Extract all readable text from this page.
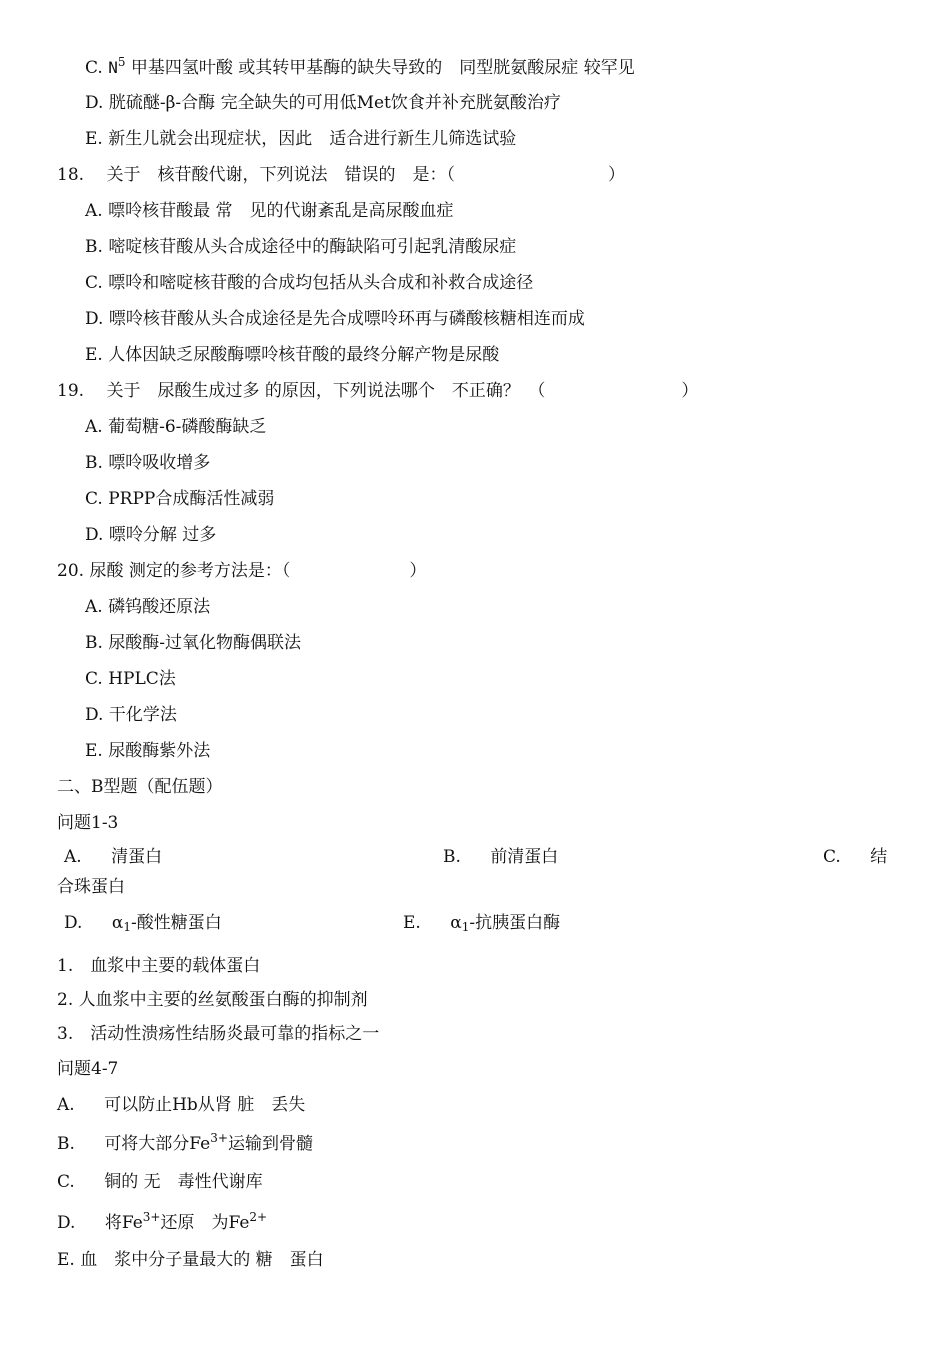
C. $N^5$ 甲基四氢叶酸 或其转甲基酶的缺失导致的　同型胱氨酸尿症 较罕见
D. 胱硫醚-β-合酶 完全缺失的可用低Met饮食并补充胱氨酸治疗
E. 新生儿就会出现症状，因此　适合进行新生儿筛选试验
18.　 关于　核苷酸代谢，下列说法　错误的　是：（　　　　　　　　　）
A. 嘌呤核苷酸最 常　见的代谢紊乱是高尿酸血症
B. 嘧啶核苷酸从头合成途径中的酶缺陷可引起乳清酸尿症
C. 嘌呤和嘧啶核苷酸的合成均包括从头合成和补救合成途径
D. 嘌呤核苷酸从头合成途径是先合成嘌呤环再与磷酸核糖相连而成
E. 人体因缺乏尿酸酶嘌呤核苷酸的最终分解产物是尿酸
19.　 关于　尿酸生成过多 的原因，下列说法哪个　不正确？　（　　　　　　　　）
A. 葡萄糖-6-磷酸酶缺乏
B. 嘌呤吸收增多
C. PRPP合成酶活性减弱
D. 嘌呤分解 过多
20. 尿酸 测定的参考方法是：（　　　　　　　）
A. 磷钨酸还原法
B. 尿酸酶-过氧化物酶偶联法
C. HPLC法
D. 干化学法
E. 尿酸酶紫外法
二、B型题（配伍题）
问题1-3
A. 清蛋白	B. 前清蛋白	C. 结
合珠蛋白
D. $\alpha_1-$酸性糖蛋白	E. $\alpha_1-$抗胰蛋白酶
1.　血浆中主要的载体蛋白
2. 人血浆中主要的丝氨酸蛋白酶的抑制剂
3.　活动性溃疡性结肠炎最可靠的指标之一
问题4-7
A. 可以防止Hb从肾 脏　丢失
B. 可将大部分$Fe^{3+}$运输到骨髓
C. 铜的 无　毒性代谢库
D. 将$Fe^{3+}$还原　为$Fe^{2+}$
E. 血　浆中分子量最大的 糖　蛋白
